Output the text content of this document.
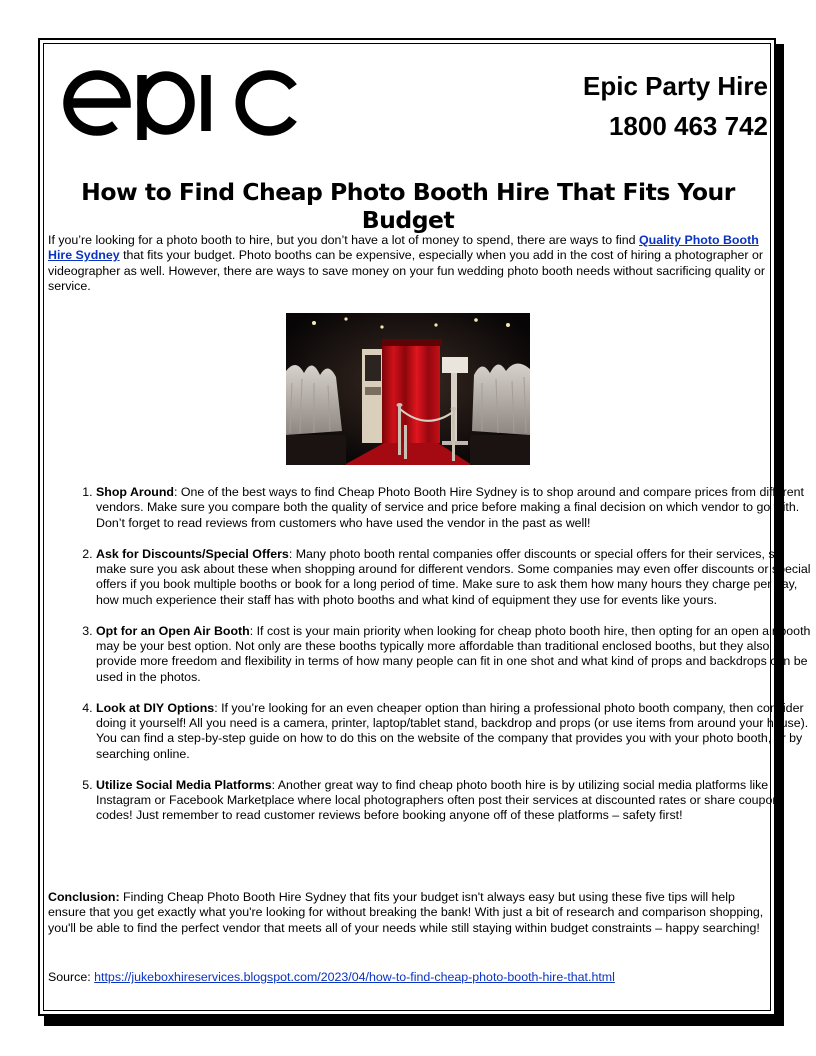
Epic Party Hire
1800 463 742
How to Find Cheap Photo Booth Hire That Fits Your Budget
If you’re looking for a photo booth to hire, but you don’t have a lot of money to spend, there are ways to find Quality Photo Booth Hire Sydney that fits your budget. Photo booths can be expensive, especially when you add in the cost of hiring a photographer or videographer as well. However, there are ways to save money on your fun wedding photo booth needs without sacrificing quality or service.
1. Shop Around: One of the best ways to find Cheap Photo Booth Hire Sydney is to shop around and compare prices from different vendors. Make sure you compare both the quality of service and price before making a final decision on which vendor to go with. Don’t forget to read reviews from customers who have used the vendor in the past as well!
2. Ask for Discounts/Special Offers: Many photo booth rental companies offer discounts or special offers for their services, so make sure you ask about these when shopping around for different vendors. Some companies may even offer discounts or special offers if you book multiple booths or book for a long period of time. Make sure to ask them how many hours they charge per day, how much experience their staff has with photo booths and what kind of equipment they use for events like yours.
3. Opt for an Open Air Booth: If cost is your main priority when looking for cheap photo booth hire, then opting for an open air booth may be your best option. Not only are these booths typically more affordable than traditional enclosed booths, but they also provide more freedom and flexibility in terms of how many people can fit in one shot and what kind of props and backdrops can be used in the photos.
4. Look at DIY Options: If you’re looking for an even cheaper option than hiring a professional photo booth company, then consider doing it yourself! All you need is a camera, printer, laptop/tablet stand, backdrop and props (or use items from around your house). You can find a step-by-step guide on how to do this on the website of the company that provides you with your photo booth, or by searching online.
5. Utilize Social Media Platforms: Another great way to find cheap photo booth hire is by utilizing social media platforms like Instagram or Facebook Marketplace where local photographers often post their services at discounted rates or share coupon codes! Just remember to read customer reviews before booking anyone off of these platforms – safety first!
Conclusion: Finding Cheap Photo Booth Hire Sydney that fits your budget isn't always easy but using these five tips will help ensure that you get exactly what you're looking for without breaking the bank! With just a bit of research and comparison shopping, you'll be able to find the perfect vendor that meets all of your needs while still staying within budget constraints – happy searching!
Source: https://jukeboxhireservices.blogspot.com/2023/04/how-to-find-cheap-photo-booth-hire-that.html
